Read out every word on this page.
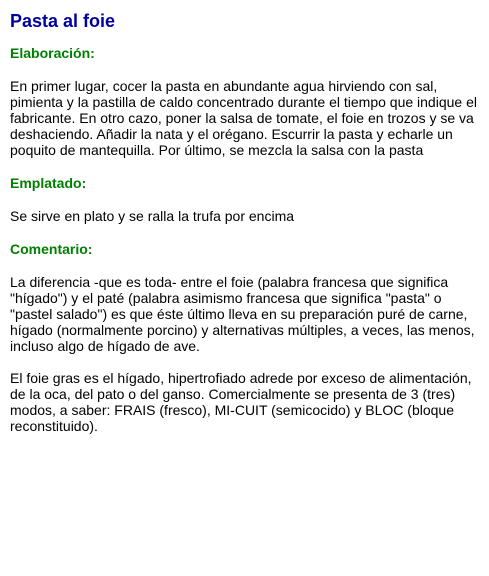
Pasta al foie
Elaboración:

En primer lugar, cocer la pasta en abundante agua hirviendo con sal, pimienta y la pastilla de caldo concentrado durante el tiempo que indique el fabricante. En otro cazo, poner la salsa de tomate, el foie en trozos y se va deshaciendo. Añadir la nata y el orégano. Escurrir la pasta y echarle un poquito de mantequilla. Por último, se mezcla la salsa con la pasta

Emplatado:

Se sirve en plato y se ralla la trufa por encima

Comentario:

La diferencia -que es toda- entre el foie (palabra francesa que significa "hígado") y el paté (palabra asimismo francesa que significa "pasta" o "pastel salado") es que éste último lleva en su preparación puré de carne, hígado (normalmente porcino) y alternativas múltiples, a veces, las menos, incluso algo de hígado de ave.

El foie gras es el hígado, hipertrofiado adrede por exceso de alimentación, de la oca, del pato o del ganso. Comercialmente se presenta de 3 (tres) modos, a saber: FRAIS (fresco), MI-CUIT (semicocido) y BLOC (bloque reconstituido).
